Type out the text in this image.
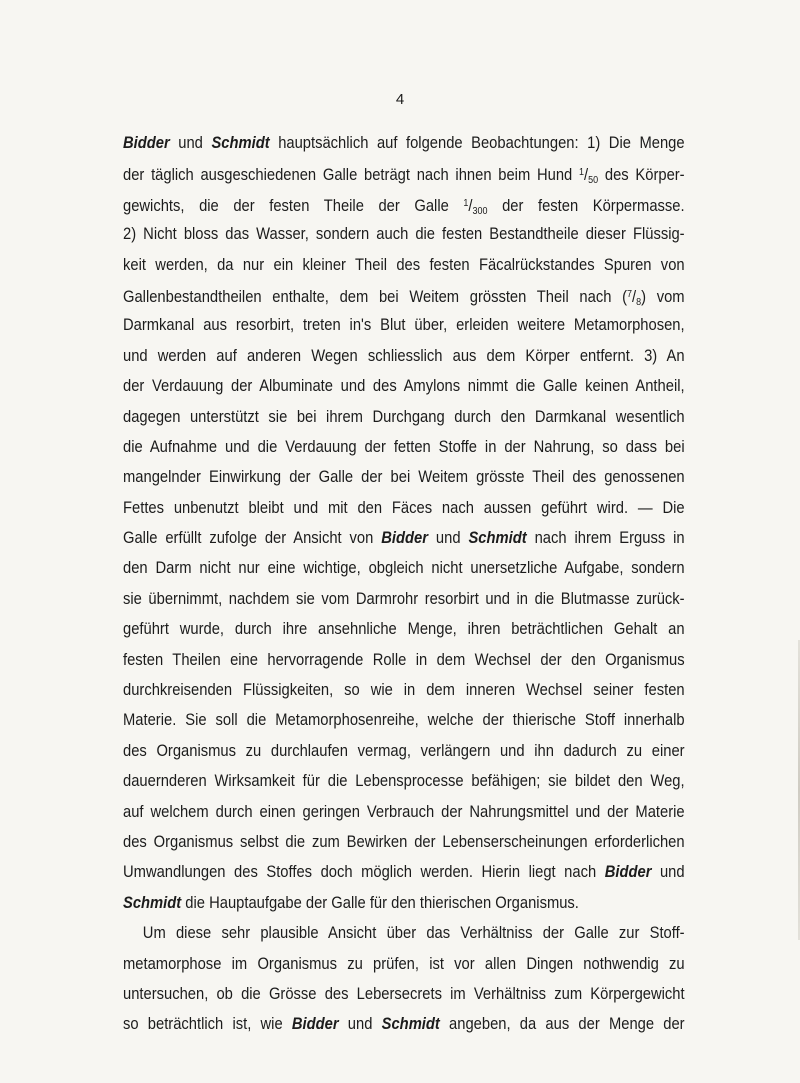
4
Bidder und Schmidt hauptsächlich auf folgende Beobachtungen: 1) Die Menge
der täglich ausgeschiedenen Galle beträgt nach ihnen beim Hund $^1/_{50}$ des Körper-
gewichts, die der festen Theile der Galle $^1/_{300}$ der festen Körpermasse.
2) Nicht bloss das Wasser, sondern auch die festen Bestandtheile dieser Flüssig-
keit werden, da nur ein kleiner Theil des festen Fäcalrückstandes Spuren von
Gallenbestandtheilen enthalte, dem bei Weitem grössten Theil nach $(^7/_8)$ vom
Darmkanal aus resorbirt, treten in's Blut über, erleiden weitere Metamorphosen,
und werden auf anderen Wegen schliesslich aus dem Körper entfernt. 3) An
der Verdauung der Albuminate und des Amylons nimmt die Galle keinen Antheil,
dagegen unterstützt sie bei ihrem Durchgang durch den Darmkanal wesentlich
die Aufnahme und die Verdauung der fetten Stoffe in der Nahrung, so dass bei
mangelnder Einwirkung der Galle der bei Weitem grösste Theil des genossenen
Fettes unbenutzt bleibt und mit den Fäces nach aussen geführt wird. — Die
Galle erfüllt zufolge der Ansicht von Bidder und Schmidt nach ihrem Erguss in
den Darm nicht nur eine wichtige, obgleich nicht unersetzliche Aufgabe, sondern
sie übernimmt, nachdem sie vom Darmrohr resorbirt und in die Blutmasse zurück-
geführt wurde, durch ihre ansehnliche Menge, ihren beträchtlichen Gehalt an
festen Theilen eine hervorragende Rolle in dem Wechsel der den Organismus
durchkreisenden Flüssigkeiten, so wie in dem inneren Wechsel seiner festen
Materie. Sie soll die Metamorphosenreihe, welche der thierische Stoff innerhalb
des Organismus zu durchlaufen vermag, verlängern und ihn dadurch zu einer
dauernderen Wirksamkeit für die Lebensprocesse befähigen; sie bildet den Weg,
auf welchem durch einen geringen Verbrauch der Nahrungsmittel und der Materie
des Organismus selbst die zum Bewirken der Lebenserscheinungen erforderlichen
Umwandlungen des Stoffes doch möglich werden. Hierin liegt nach Bidder und
Schmidt die Hauptaufgabe der Galle für den thierischen Organismus.
Um diese sehr plausible Ansicht über das Verhältniss der Galle zur Stoff-
metamorphose im Organismus zu prüfen, ist vor allen Dingen nothwendig zu
untersuchen, ob die Grösse des Lebersecrets im Verhältniss zum Körpergewicht
so beträchtlich ist, wie Bidder und Schmidt angeben, da aus der Menge der
